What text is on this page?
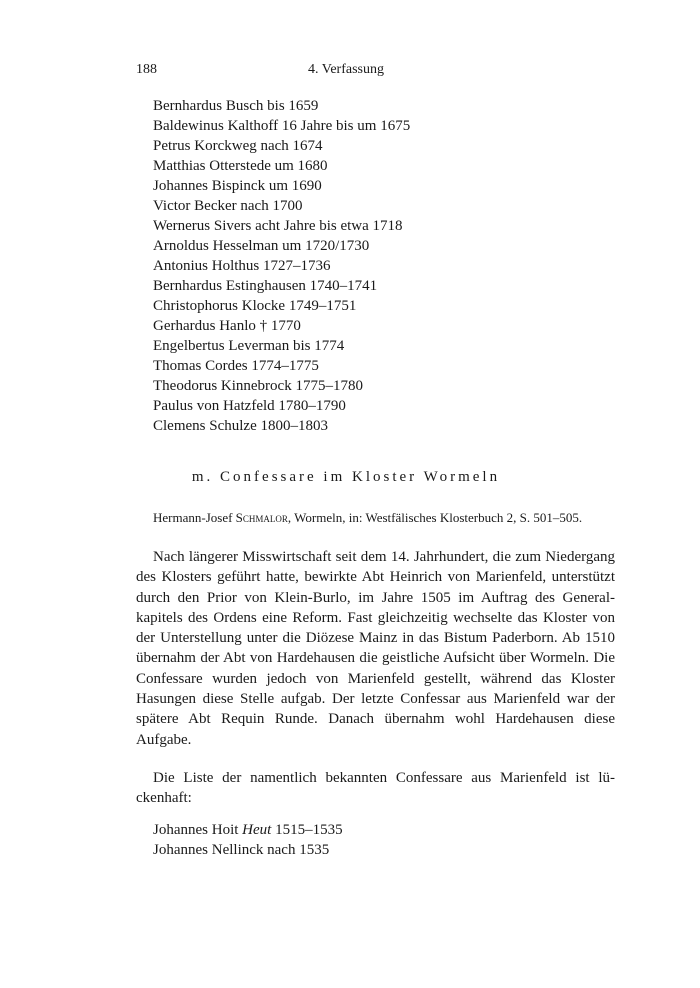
188	4. Verfassung
Bernhardus Busch bis 1659
Baldewinus Kalthoff 16 Jahre bis um 1675
Petrus Korckweg nach 1674
Matthias Otterstede um 1680
Johannes Bispinck um 1690
Victor Becker nach 1700
Wernerus Sivers acht Jahre bis etwa 1718
Arnoldus Hesselman um 1720/1730
Antonius Holthus 1727–1736
Bernhardus Estinghausen 1740–1741
Christophorus Klocke 1749–1751
Gerhardus Hanlo † 1770
Engelbertus Leverman bis 1774
Thomas Cordes 1774–1775
Theodorus Kinnebrock 1775–1780
Paulus von Hatzfeld 1780–1790
Clemens Schulze 1800–1803
m. Confessare im Kloster Wormeln
Hermann-Josef Schmalor, Wormeln, in: Westfälisches Klosterbuch 2, S. 501–505.

Nach längerer Misswirtschaft seit dem 14. Jahrhundert, die zum Niedergang des Klosters geführt hatte, bewirkte Abt Heinrich von Marienfeld, unterstützt durch den Prior von Klein-Burlo, im Jahre 1505 im Auftrag des Generalkapitels des Ordens eine Reform. Fast gleichzeitig wechselte das Kloster von der Unterstellung unter die Diözese Mainz in das Bistum Paderborn. Ab 1510 übernahm der Abt von Hardehausen die geistliche Aufsicht über Wormeln. Die Confessare wurden jedoch von Marienfeld gestellt, während das Kloster Hasungen diese Stelle aufgab. Der letzte Confessar aus Marienfeld war der spätere Abt Requin Runde. Danach übernahm wohl Hardehausen diese Aufgabe.

Die Liste der namentlich bekannten Confessare aus Marienfeld ist lückenhaft:

Johannes Hoit Heut 1515–1535
Johannes Nellinck nach 1535
